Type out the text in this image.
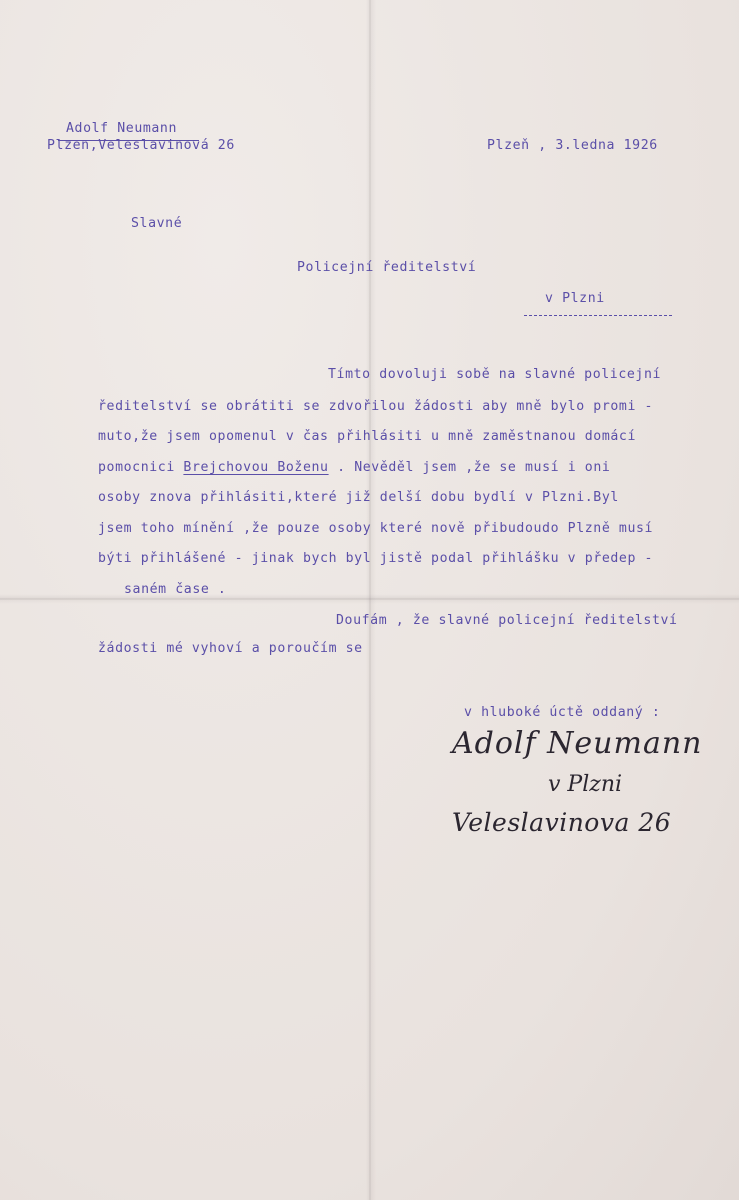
Adolf Neumann
Plzen,Veleslavinová 26	Plzeň , 3.ledna 1926
Slavné
Policejní ředitelství
v Plzni
Tímto dovoluji sobě na slavné policejní
ředitelství se obrátiti se zdvořilou žádosti aby mně bylo promi -
muto,že jsem opomenul v čas přihlásiti u mně zaměstnanou domácí
pomocnici Brejchovou Boženu . Nevěděl jsem ,že se musí i oni
osoby znova přihlásiti,které již delší dobu bydlí v Plzni.Byl
jsem toho mínění ,že pouze osoby které nově přibudoudo Plzně musí
býti přihlášené - jinak bych byl jistě podal přihlášku v předep -
saném čase .
Doufám , že slavné policejní ředitelství
žádosti mé vyhoví a poroučím se
v hluboké úctě oddaný :
Adolf Neumann
v Plzni
Veleslavinova 26
